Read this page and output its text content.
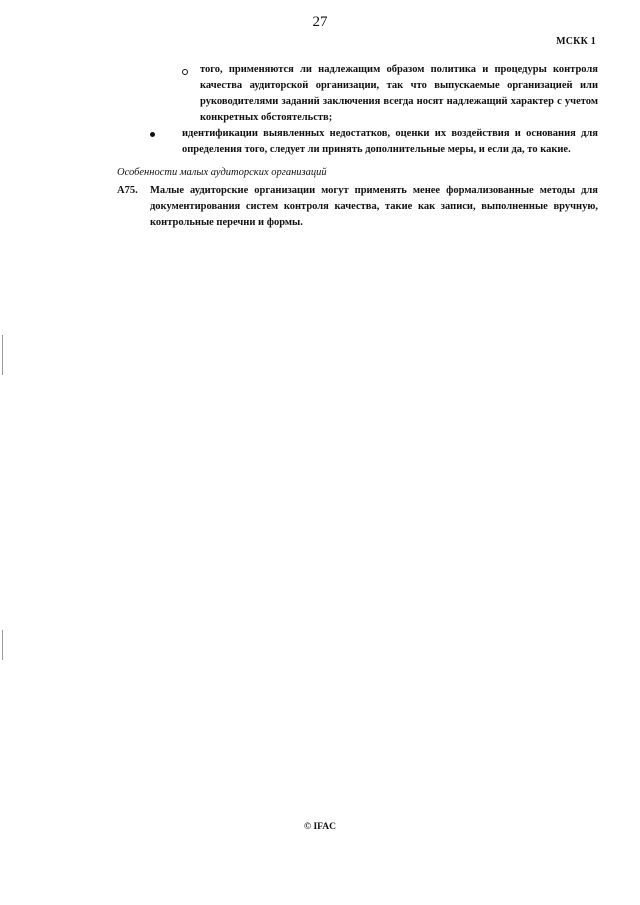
27
МСКК 1
того, применяются ли надлежащим образом политика и процедуры контроля качества аудиторской организации, так что выпускаемые организацией или руководителями заданий заключения всегда носят надлежащий характер с учетом конкретных обстоятельств;
идентификации выявленных недостатков, оценки их воздействия и основания для определения того, следует ли принять дополнительные меры, и если да, то какие.
Особенности малых аудиторских организаций
A75. Малые аудиторские организации могут применять менее формализованные методы для документирования систем контроля качества, такие как записи, выполненные вручную, контрольные перечни и формы.
© IFAC
